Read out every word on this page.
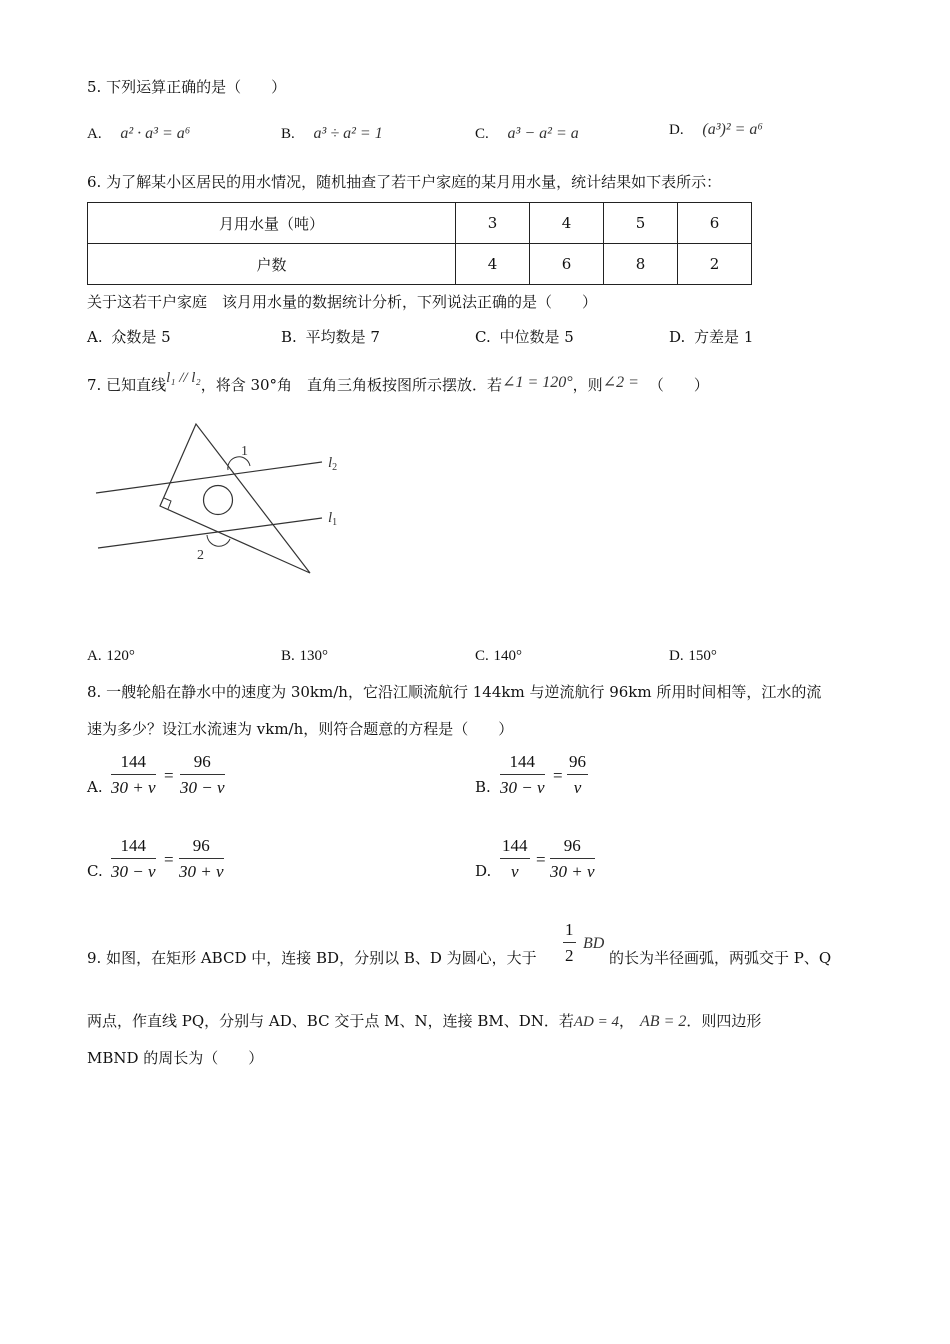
5. 下列运算正确的是（　　）
A. a² · a³ = a⁶	B. a³ ÷ a² = 1	C. a³ − a² = a	D. (a³)² = a⁶
6. 为了解某小区居民的用水情况，随机抽查了若干户家庭的某月用水量，统计结果如下表所示：
月用水量（吨）	3	4	5	6
户数	4	6	8	2
关于这若干户家庭　该月用水量的数据统计分析，下列说法正确的是（　　）
A. 众数是 5	B. 平均数是 7	C. 中位数是 5	D. 方差是 1
7. 已知直线l₁ // l₂，将含 30°角　直角三角板按图所示摆放．若∠1 = 120°，则∠2 = （　　）
1
2
$l_2$
$l_1$
A. 120°	B. 130°	C. 140°	D. 150°
8. 一艘轮船在静水中的速度为 30km/h，它沿江顺流航行 144km 与逆流航行 96km 所用时间相等，江水的流
速为多少？设江水流速为 vkm/h，则符合题意的方程是（　　）
A. $\frac{144}{30 + v} = \frac{96}{30 - v}$	B. $\frac{144}{30 - v} = \frac{96}{v}$
C. $\frac{144}{30 - v} = \frac{96}{30 + v}$	D. $\frac{144}{v} = \frac{96}{30 + v}$
9. 如图，在矩形 ABCD 中，连接 BD，分别以 B、D 为圆心，大于 $\frac{1}{2}$ BD
的长为半径画弧，两弧交于 P、Q
两点，作直线 PQ，分别与 AD、BC 交于点 M、N，连接 BM、DN．若AD = 4， AB = 2．则四边形
MBND 的周长为（　　）
